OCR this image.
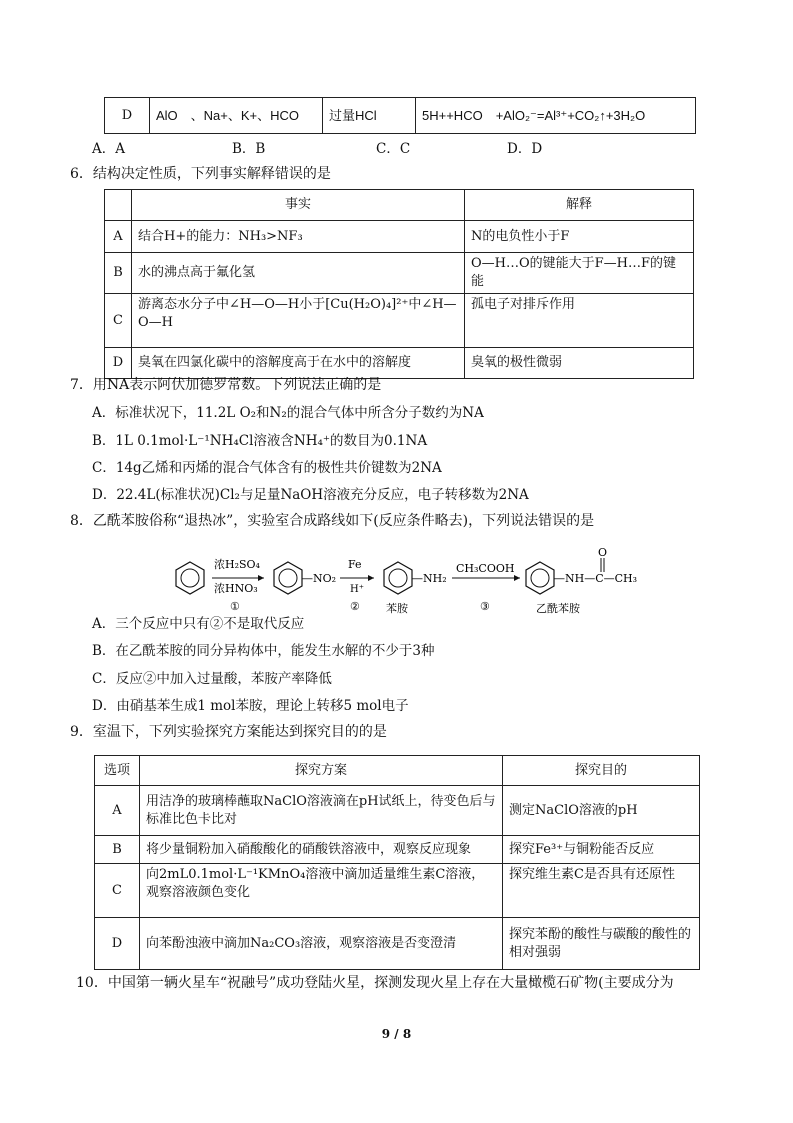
D	AlO　、Na+、K+、HCO	过量HCl	5H++HCO　+AlO₂⁻=Al³⁺+CO₂↑+3H₂O
A．A	B．B	C．C	D．D
6．结构决定性质，下列事实解释错误的是
	事实	解释
A	结合H+的能力：NH₃>NF₃	N的电负性小于F
B	水的沸点高于氟化氢	O—H…O的键能大于F—H…F的键能
C	游离态水分子中∠H—O—H小于[Cu(H₂O)₄]²⁺中∠H—O—H	孤电子对排斥作用
D	臭氧在四氯化碳中的溶解度高于在水中的溶解度	臭氧的极性微弱
7．用NA表示阿伏加德罗常数。下列说法正确的是
A．标准状况下，11.2L O₂和N₂的混合气体中所含分子数约为NA
B．1L 0.1mol·L⁻¹NH₄Cl溶液含NH₄⁺的数目为0.1NA
C．14g乙烯和丙烯的混合气体含有的极性共价键数为2NA
D．22.4L(标准状况)Cl₂与足量NaOH溶液充分反应，电子转移数为2NA
8．乙酰苯胺俗称“退热冰”，实验室合成路线如下(反应条件略去)，下列说法错误的是
浓H₂SO₄
浓HNO₃
①
—NO₂
Fe
H⁺
②
—NH₂
苯胺
CH₃COOH
③
—NH—C—CH₃
O
乙酰苯胺
A．三个反应中只有②不是取代反应
B．在乙酰苯胺的同分异构体中，能发生水解的不少于3种
C．反应②中加入过量酸，苯胺产率降低
D．由硝基苯生成1 mol苯胺，理论上转移5 mol电子
9．室温下，下列实验探究方案能达到探究目的的是
选项	探究方案	探究目的
A	用洁净的玻璃棒蘸取NaClO溶液滴在pH试纸上，待变色后与标准比色卡比对	测定NaClO溶液的pH
B	将少量铜粉加入硝酸酸化的硝酸铁溶液中，观察反应现象	探究Fe³⁺与铜粉能否反应
C	向2mL0.1mol·L⁻¹KMnO₄溶液中滴加适量维生素C溶液，观察溶液颜色变化	探究维生素C是否具有还原性
D	向苯酚浊液中滴加Na₂CO₃溶液，观察溶液是否变澄清	探究苯酚的酸性与碳酸的酸性的相对强弱
10．中国第一辆火星车“祝融号”成功登陆火星，探测发现火星上存在大量橄榄石矿物(主要成分为
9 / 8
